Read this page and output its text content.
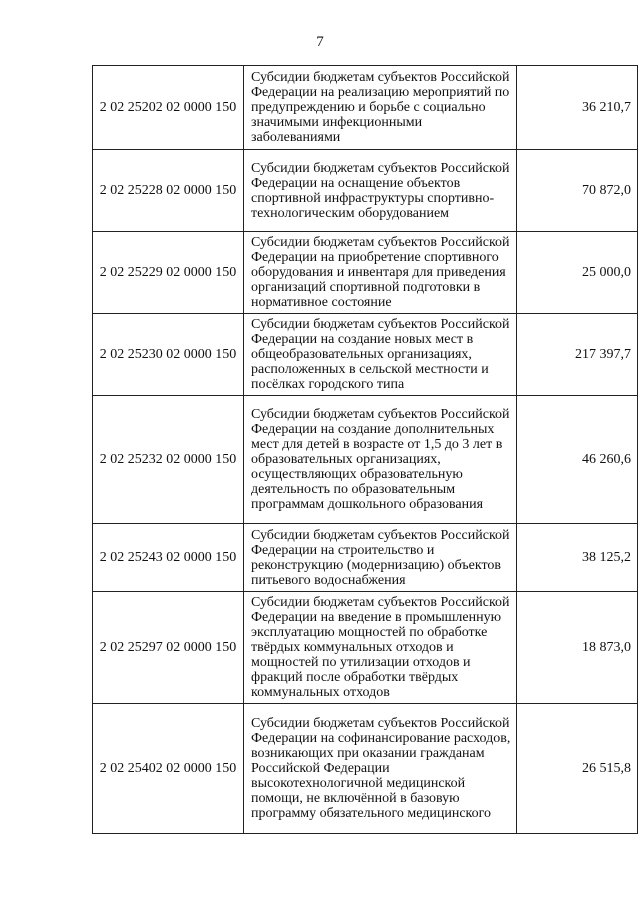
7
2 02 25202 02 0000 150	Субсидии бюджетам субъектов Российской Федерации на реализацию мероприятий по предупреждению и борьбе с социально значимыми инфекционными заболеваниями	36 210,7
2 02 25228 02 0000 150	Субсидии бюджетам субъектов Российской Федерации на оснащение объектов спортивной инфраструктуры спортивно-технологическим оборудованием	70 872,0
2 02 25229 02 0000 150	Субсидии бюджетам субъектов Российской Федерации на приобретение спортивного оборудования и инвентаря для приведения организаций спортивной подготовки в нормативное состояние	25 000,0
2 02 25230 02 0000 150	Субсидии бюджетам субъектов Российской Федерации на создание новых мест в общеобразовательных организациях, расположенных в сельской местности и посёлках городского типа	217 397,7
2 02 25232 02 0000 150	Субсидии бюджетам субъектов Российской Федерации на создание дополнительных мест для детей в возрасте от 1,5 до 3 лет в образовательных организациях, осуществляющих образовательную деятельность по образовательным программам дошкольного образования	46 260,6
2 02 25243 02 0000 150	Субсидии бюджетам субъектов Российской Федерации на строительство и реконструкцию (модернизацию) объектов питьевого водоснабжения	38 125,2
2 02 25297 02 0000 150	Субсидии бюджетам субъектов Российской Федерации на введение в промышленную эксплуатацию мощностей по обработке твёрдых коммунальных отходов и мощностей по утилизации отходов и фракций после обработки твёрдых коммунальных отходов	18 873,0
2 02 25402 02 0000 150	Субсидии бюджетам субъектов Российской Федерации на софинансирование расходов, возникающих при оказании гражданам Российской Федерации высокотехнологичной медицинской помощи, не включённой в базовую программу обязательного медицинского	26 515,8
